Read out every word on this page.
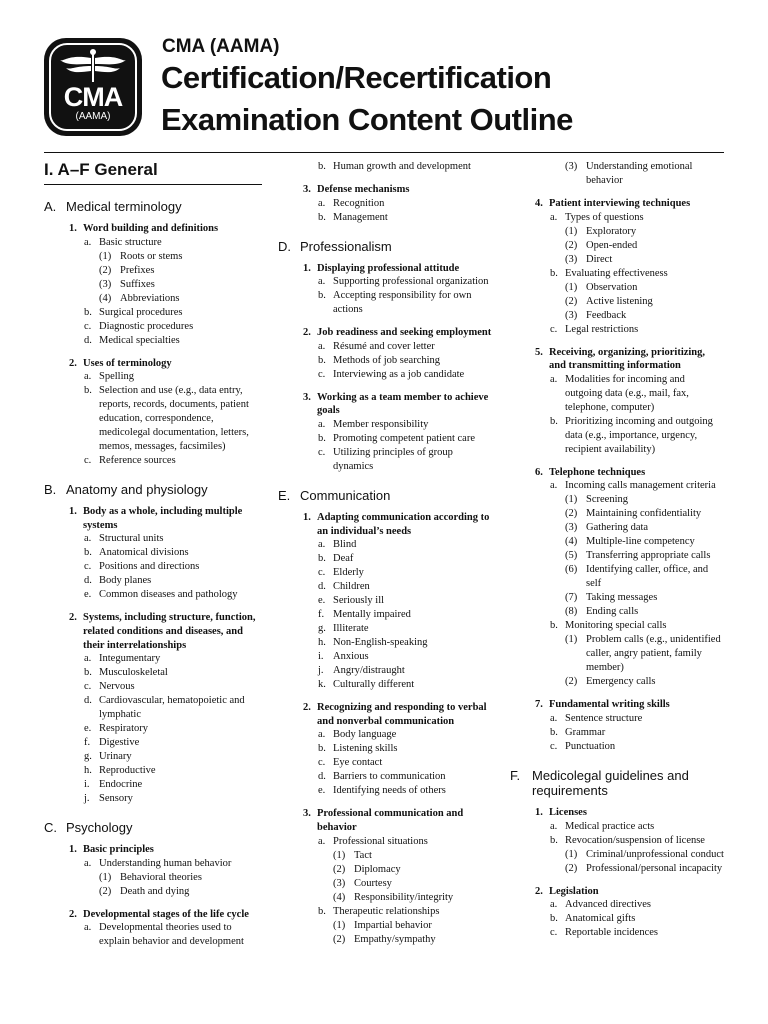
CMA
(AAMA)
CMA (AAMA)
Certification/Recertification
Examination Content Outline
I. A–F General
A. Medical terminology
1. Word building and definitions
a. Basic structure
(1) Roots or stems
(2) Prefixes
(3) Suffixes
(4) Abbreviations
b. Surgical procedures
c. Diagnostic procedures
d. Medical specialties
2. Uses of terminology
a. Spelling
b. Selection and use (e.g., data entry, reports, records, documents, patient education, correspondence, medicolegal documentation, letters, memos, messages, facsimiles)
c. Reference sources
B. Anatomy and physiology
1. Body as a whole, including multiple systems
a. Structural units
b. Anatomical divisions
c. Positions and directions
d. Body planes
e. Common diseases and pathology
2. Systems, including structure, function, related conditions and diseases, and their interrelationships
a. Integumentary
b. Musculoskeletal
c. Nervous
d. Cardiovascular, hematopoietic and lymphatic
e. Respiratory
f. Digestive
g. Urinary
h. Reproductive
i. Endocrine
j. Sensory
C. Psychology
1. Basic principles
a. Understanding human behavior
(1) Behavioral theories
(2) Death and dying
2. Developmental stages of the life cycle
a. Developmental theories used to explain behavior and development
b. Human growth and development
3. Defense mechanisms
a. Recognition
b. Management
D. Professionalism
1. Displaying professional attitude
a. Supporting professional organization
b. Accepting responsibility for own actions
2. Job readiness and seeking employment
a. Résumé and cover letter
b. Methods of job searching
c. Interviewing as a job candidate
3. Working as a team member to achieve goals
a. Member responsibility
b. Promoting competent patient care
c. Utilizing principles of group dynamics
E. Communication
1. Adapting communication according to an individual’s needs
a. Blind
b. Deaf
c. Elderly
d. Children
e. Seriously ill
f. Mentally impaired
g. Illiterate
h. Non-English-speaking
i. Anxious
j. Angry/distraught
k. Culturally different
2. Recognizing and responding to verbal and nonverbal communication
a. Body language
b. Listening skills
c. Eye contact
d. Barriers to communication
e. Identifying needs of others
3. Professional communication and behavior
a. Professional situations
(1) Tact
(2) Diplomacy
(3) Courtesy
(4) Responsibility/integrity
b. Therapeutic relationships
(1) Impartial behavior
(2) Empathy/sympathy
(3) Understanding emotional behavior
4. Patient interviewing techniques
a. Types of questions
(1) Exploratory
(2) Open-ended
(3) Direct
b. Evaluating effectiveness
(1) Observation
(2) Active listening
(3) Feedback
c. Legal restrictions
5. Receiving, organizing, prioritizing, and transmitting information
a. Modalities for incoming and outgoing data (e.g., mail, fax, telephone, computer)
b. Prioritizing incoming and outgoing data (e.g., importance, urgency, recipient availability)
6. Telephone techniques
a. Incoming calls management criteria
(1) Screening
(2) Maintaining confidentiality
(3) Gathering data
(4) Multiple-line competency
(5) Transferring appropriate calls
(6) Identifying caller, office, and self
(7) Taking messages
(8) Ending calls
b. Monitoring special calls
(1) Problem calls (e.g., unidentified caller, angry patient, family member)
(2) Emergency calls
7. Fundamental writing skills
a. Sentence structure
b. Grammar
c. Punctuation
F. Medicolegal guidelines and requirements
1. Licenses
a. Medical practice acts
b. Revocation/suspension of license
(1) Criminal/unprofessional conduct
(2) Professional/personal incapacity
2. Legislation
a. Advanced directives
b. Anatomical gifts
c. Reportable incidences
